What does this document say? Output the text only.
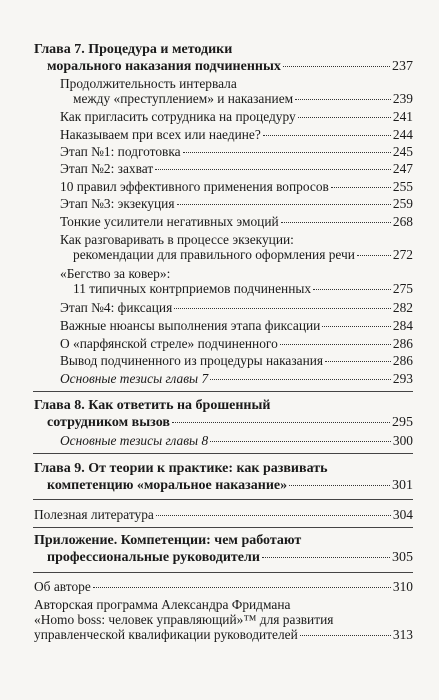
Глава 7. Процедура и методики
морального наказания подчиненных	237
Продолжительность интервала
между «преступлением» и наказанием	239
Как пригласить сотрудника на процедуру	241
Наказываем при всех или наедине?	244
Этап №1: подготовка	245
Этап №2: захват	247
10 правил эффективного применения вопросов	255
Этап №3: экзекуция	259
Тонкие усилители негативных эмоций	268
Как разговаривать в процессе экзекуции:
рекомендации для правильного оформления речи	272
«Бегство за ковер»:
11 типичных контрприемов подчиненных	275
Этап №4: фиксация	282
Важные нюансы выполнения этапа фиксации	284
О «парфянской стреле» подчиненного	286
Вывод подчиненного из процедуры наказания	286
Основные тезисы главы 7	293
Глава 8. Как ответить на брошенный
сотрудником вызов	295
Основные тезисы главы 8	300
Глава 9. От теории к практике: как развивать
компетенцию «моральное наказание»	301
Полезная литература	304
Приложение. Компетенции: чем работают
профессиональные руководители	305
Об авторе	310
Авторская программа Александра Фридмана
«Homo boss: человек управляющий»™ для развития
управленческой квалификации руководителей	313
